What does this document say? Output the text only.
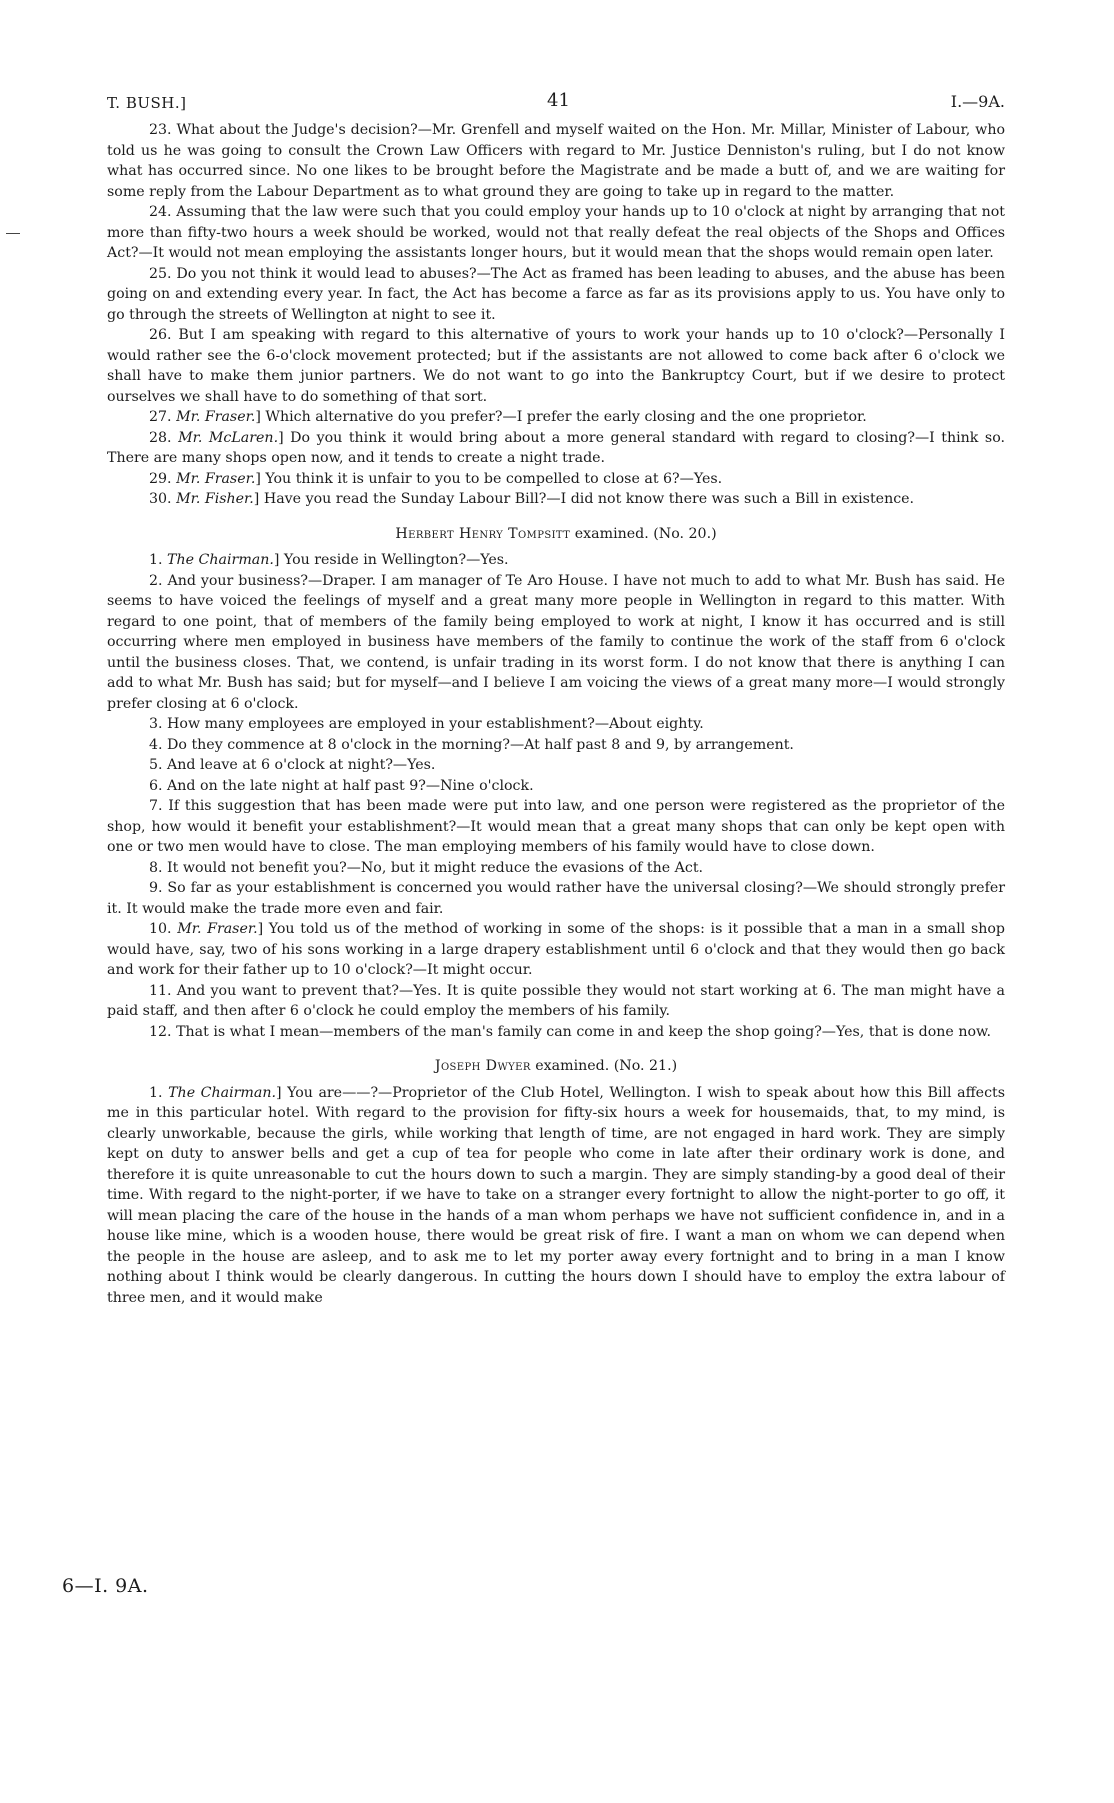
T. BUSH.]	41	I.—9A.

23. What about the Judge's decision?—Mr. Grenfell and myself waited on the Hon. Mr. Millar, Minister of Labour, who told us he was going to consult the Crown Law Officers with regard to Mr. Justice Denniston's ruling, but I do not know what has occurred since. No one likes to be brought before the Magistrate and be made a butt of, and we are waiting for some reply from the Labour Department as to what ground they are going to take up in regard to the matter.

24. Assuming that the law were such that you could employ your hands up to 10 o'clock at night by arranging that not more than fifty-two hours a week should be worked, would not that really defeat the real objects of the Shops and Offices Act?—It would not mean employing the assistants longer hours, but it would mean that the shops would remain open later.

25. Do you not think it would lead to abuses?—The Act as framed has been leading to abuses, and the abuse has been going on and extending every year. In fact, the Act has become a farce as far as its provisions apply to us. You have only to go through the streets of Wellington at night to see it.

26. But I am speaking with regard to this alternative of yours to work your hands up to 10 o'clock?—Personally I would rather see the 6-o'clock movement protected; but if the assistants are not allowed to come back after 6 o'clock we shall have to make them junior partners. We do not want to go into the Bankruptcy Court, but if we desire to protect ourselves we shall have to do something of that sort.

27. Mr. Fraser.] Which alternative do you prefer?—I prefer the early closing and the one proprietor.

28. Mr. McLaren.] Do you think it would bring about a more general standard with regard to closing?—I think so. There are many shops open now, and it tends to create a night trade.

29. Mr. Fraser.] You think it is unfair to you to be compelled to close at 6?—Yes.

30. Mr. Fisher.] Have you read the Sunday Labour Bill?—I did not know there was such a Bill in existence.

Herbert Henry Tompsitt examined. (No. 20.)

1. The Chairman.] You reside in Wellington?—Yes.

2. And your business?—Draper. I am manager of Te Aro House. I have not much to add to what Mr. Bush has said. He seems to have voiced the feelings of myself and a great many more people in Wellington in regard to this matter. With regard to one point, that of members of the family being employed to work at night, I know it has occurred and is still occurring where men employed in business have members of the family to continue the work of the staff from 6 o'clock until the business closes. That, we contend, is unfair trading in its worst form. I do not know that there is anything I can add to what Mr. Bush has said; but for myself—and I believe I am voicing the views of a great many more—I would strongly prefer closing at 6 o'clock.

3. How many employees are employed in your establishment?—About eighty.

4. Do they commence at 8 o'clock in the morning?—At half past 8 and 9, by arrangement.

5. And leave at 6 o'clock at night?—Yes.

6. And on the late night at half past 9?—Nine o'clock.

7. If this suggestion that has been made were put into law, and one person were registered as the proprietor of the shop, how would it benefit your establishment?—It would mean that a great many shops that can only be kept open with one or two men would have to close. The man employing members of his family would have to close down.

8. It would not benefit you?—No, but it might reduce the evasions of the Act.

9. So far as your establishment is concerned you would rather have the universal closing?—We should strongly prefer it. It would make the trade more even and fair.

10. Mr. Fraser.] You told us of the method of working in some of the shops: is it possible that a man in a small shop would have, say, two of his sons working in a large drapery establishment until 6 o'clock and that they would then go back and work for their father up to 10 o'clock?—It might occur.

11. And you want to prevent that?—Yes. It is quite possible they would not start working at 6. The man might have a paid staff, and then after 6 o'clock he could employ the members of his family.

12. That is what I mean—members of the man's family can come in and keep the shop going?—Yes, that is done now.

Joseph Dwyer examined. (No. 21.)

1. The Chairman.] You are——?—Proprietor of the Club Hotel, Wellington. I wish to speak about how this Bill affects me in this particular hotel. With regard to the provision for fifty-six hours a week for housemaids, that, to my mind, is clearly unworkable, because the girls, while working that length of time, are not engaged in hard work. They are simply kept on duty to answer bells and get a cup of tea for people who come in late after their ordinary work is done, and therefore it is quite unreasonable to cut the hours down to such a margin. They are simply standing-by a good deal of their time. With regard to the night-porter, if we have to take on a stranger every fortnight to allow the night-porter to go off, it will mean placing the care of the house in the hands of a man whom perhaps we have not sufficient confidence in, and in a house like mine, which is a wooden house, there would be great risk of fire. I want a man on whom we can depend when the people in the house are asleep, and to ask me to let my porter away every fortnight and to bring in a man I know nothing about I think would be clearly dangerous. In cutting the hours down I should have to employ the extra labour of three men, and it would make

6—I. 9A.
